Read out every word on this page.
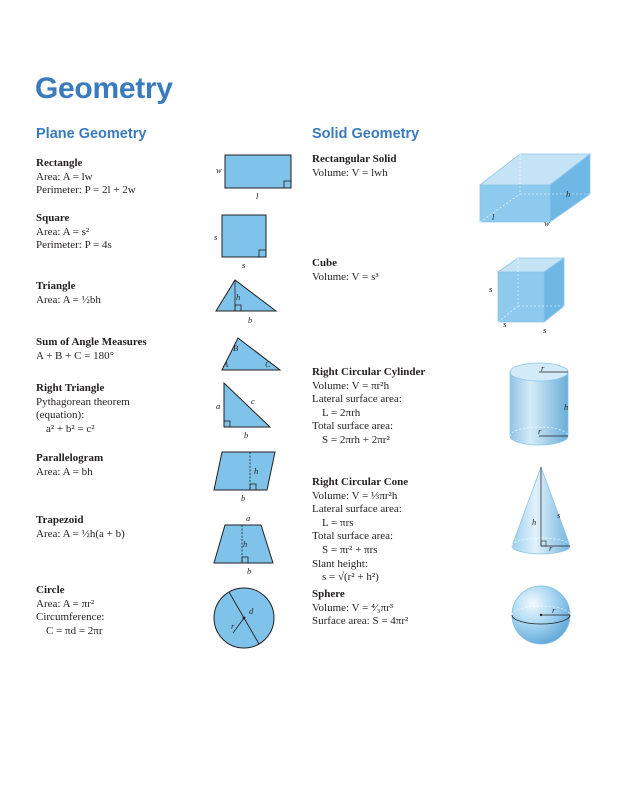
Geometry
Plane Geometry	Solid Geometry
Rectangle
Area: A = lw
Perimeter: P = 2l + 2w
Square
Area: A = s²
Perimeter: P = 4s
Triangle
Area: A = ½bh
Sum of Angle Measures
A + B + C = 180°
Right Triangle
Pythagorean theorem
(equation):
a² + b² = c²
Parallelogram
Area: A = bh
Trapezoid
Area: A = ½h(a + b)
Circle
Area: A = πr²
Circumference:
C = πd = 2πr
Rectangular Solid
Volume: V = lwh
Cube
Volume: V = s³
Right Circular Cylinder
Volume: V = πr²h
Lateral surface area:
L = 2πrh
Total surface area:
S = 2πrh + 2πr²
Right Circular Cone
Volume: V = ⅓πr²h
Lateral surface area:
L = πrs
Total surface area:
S = πr² + πrs
Slant height:
s = √(r² + h²)
Sphere
Volume: V = ⁴⁄₃πr³
Surface area: S = 4πr²
w
l
s
s
h
b
B
A	C
a	c
b
h
b
a
h
b
d
r
h
l
w
s
s
s
r
h
r
h
s
r
r
